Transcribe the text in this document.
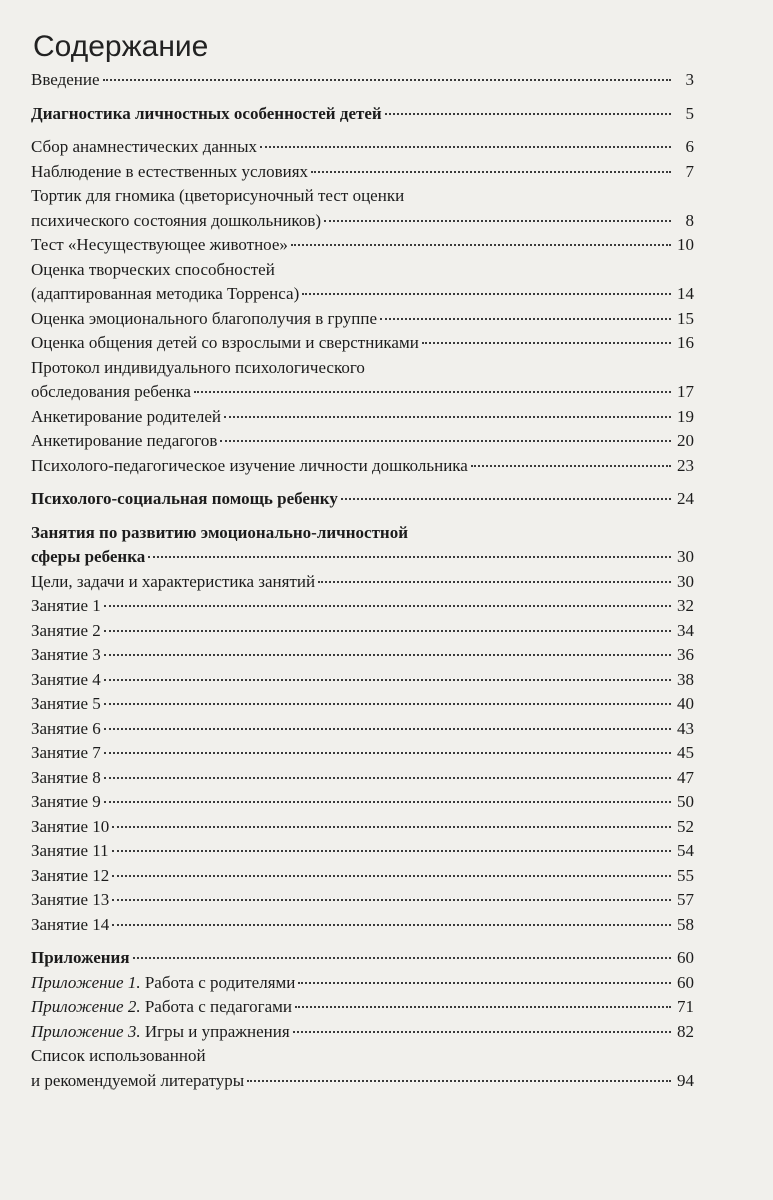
Содержание
Введение	3
Диагностика личностных особенностей детей	5
Сбор анамнестических данных	6
Наблюдение в естественных условиях	7
Тортик для гномика (цветорисуночный тест оценки
психического состояния дошкольников)	8
Тест «Несуществующее животное»	10
Оценка творческих способностей
(адаптированная методика Торренса)	14
Оценка эмоционального благополучия в группе	15
Оценка общения детей со взрослыми и сверстниками	16
Протокол индивидуального психологического
обследования ребенка	17
Анкетирование родителей	19
Анкетирование педагогов	20
Психолого-педагогическое изучение личности дошкольника	23
Психолого-социальная помощь ребенку	24
Занятия по развитию эмоционально-личностной
сферы ребенка	30
Цели, задачи и характеристика занятий	30
Занятие 1	32
Занятие 2	34
Занятие 3	36
Занятие 4	38
Занятие 5	40
Занятие 6	43
Занятие 7	45
Занятие 8	47
Занятие 9	50
Занятие 10	52
Занятие 11	54
Занятие 12	55
Занятие 13	57
Занятие 14	58
Приложения	60
Приложение 1. Работа с родителями	60
Приложение 2. Работа с педагогами	71
Приложение 3. Игры и упражнения	82
Список использованной
и рекомендуемой литературы	94
